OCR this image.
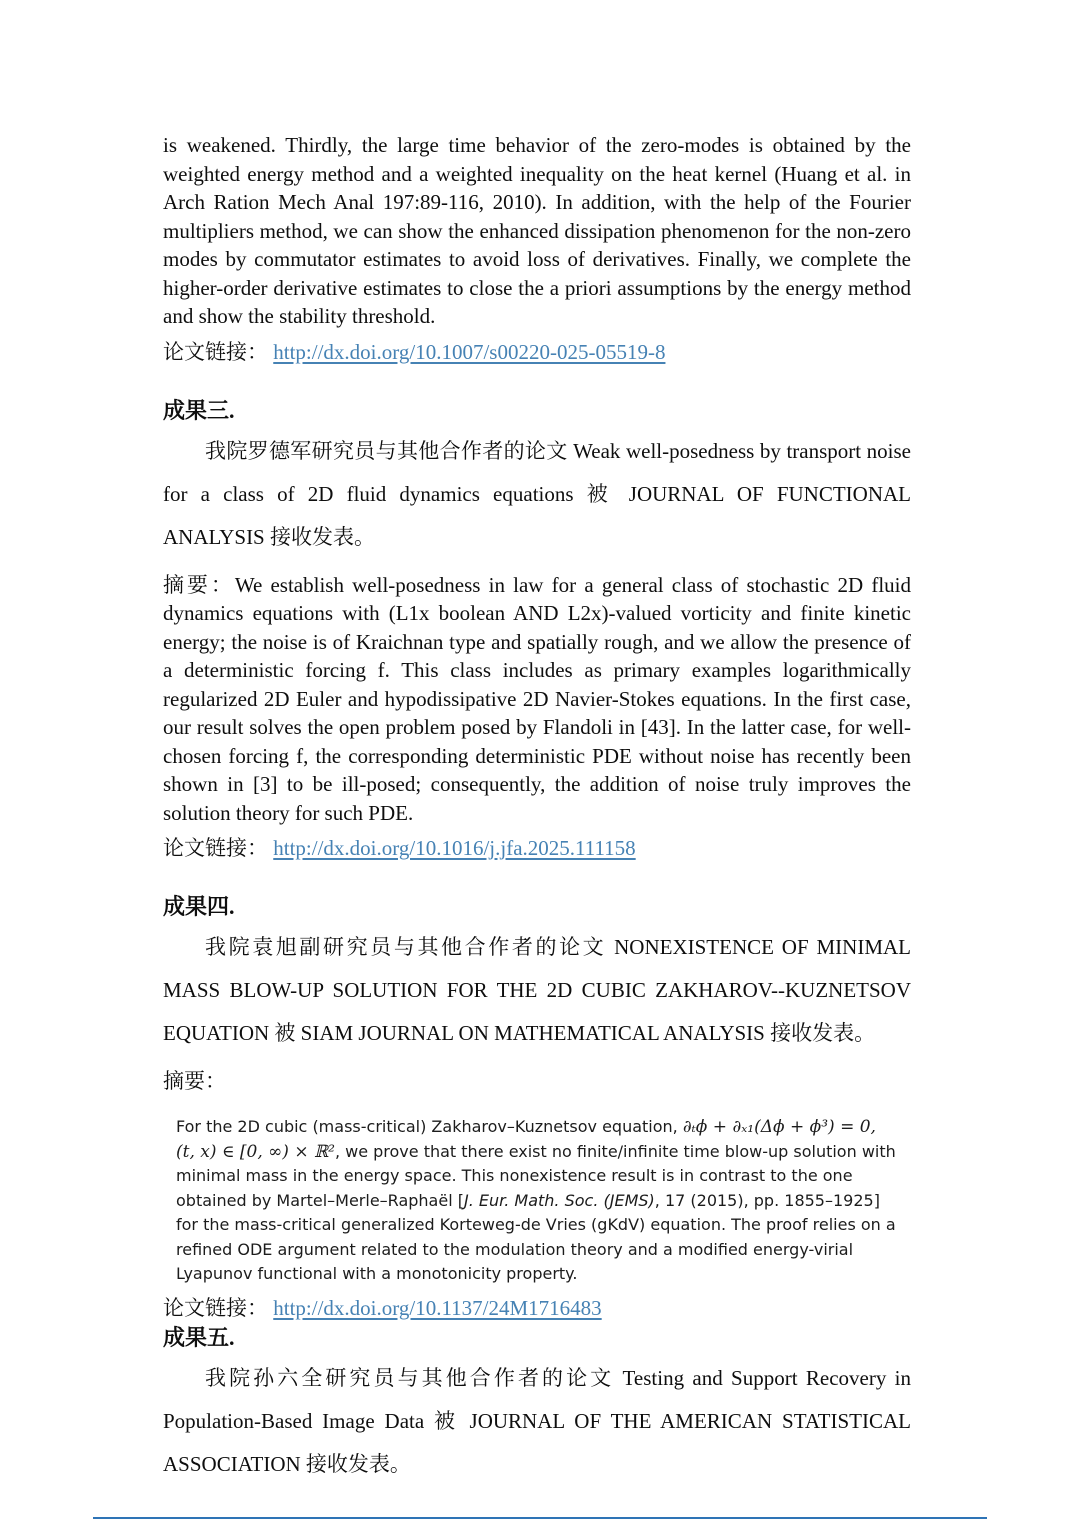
is weakened. Thirdly, the large time behavior of the zero-modes is obtained by the weighted energy method and a weighted inequality on the heat kernel (Huang et al. in Arch Ration Mech Anal 197:89-116, 2010). In addition, with the help of the Fourier multipliers method, we can show the enhanced dissipation phenomenon for the non-zero modes by commutator estimates to avoid loss of derivatives. Finally, we complete the higher-order derivative estimates to close the a priori assumptions by the energy method and show the stability threshold.

论文链接： http://dx.doi.org/10.1007/s00220-025-05519-8

成果三.

我院罗德军研究员与其他合作者的论文 Weak well-posedness by transport noise for a class of 2D fluid dynamics equations 被 JOURNAL OF FUNCTIONAL ANALYSIS 接收发表。

摘要：We establish well-posedness in law for a general class of stochastic 2D fluid dynamics equations with (L1x boolean AND L2x)-valued vorticity and finite kinetic energy; the noise is of Kraichnan type and spatially rough, and we allow the presence of a deterministic forcing f. This class includes as primary examples logarithmically regularized 2D Euler and hypodissipative 2D Navier-Stokes equations. In the first case, our result solves the open problem posed by Flandoli in [43]. In the latter case, for well-chosen forcing f, the corresponding deterministic PDE without noise has recently been shown in [3] to be ill-posed; consequently, the addition of noise truly improves the solution theory for such PDE.

论文链接： http://dx.doi.org/10.1016/j.jfa.2025.111158

成果四.

我院袁旭副研究员与其他合作者的论文 NONEXISTENCE OF MINIMAL MASS BLOW-UP SOLUTION FOR THE 2D CUBIC ZAKHAROV--KUZNETSOV EQUATION 被 SIAM JOURNAL ON MATHEMATICAL ANALYSIS 接收发表。

摘要：

For the 2D cubic (mass-critical) Zakharov–Kuznetsov equation, ∂ₜϕ + ∂ₓ₁(Δϕ + ϕ³) = 0, (t, x) ∈ [0, ∞) × ℝ², we prove that there exist no finite/infinite time blow-up solution with minimal mass in the energy space. This nonexistence result is in contrast to the one obtained by Martel–Merle–Raphaël [J. Eur. Math. Soc. (JEMS), 17 (2015), pp. 1855–1925] for the mass-critical generalized Korteweg-de Vries (gKdV) equation. The proof relies on a refined ODE argument related to the modulation theory and a modified energy-virial Lyapunov functional with a monotonicity property.

论文链接： http://dx.doi.org/10.1137/24M1716483

成果五.

我院孙六全研究员与其他合作者的论文 Testing and Support Recovery in Population-Based Image Data 被 JOURNAL OF THE AMERICAN STATISTICAL ASSOCIATION 接收发表。
